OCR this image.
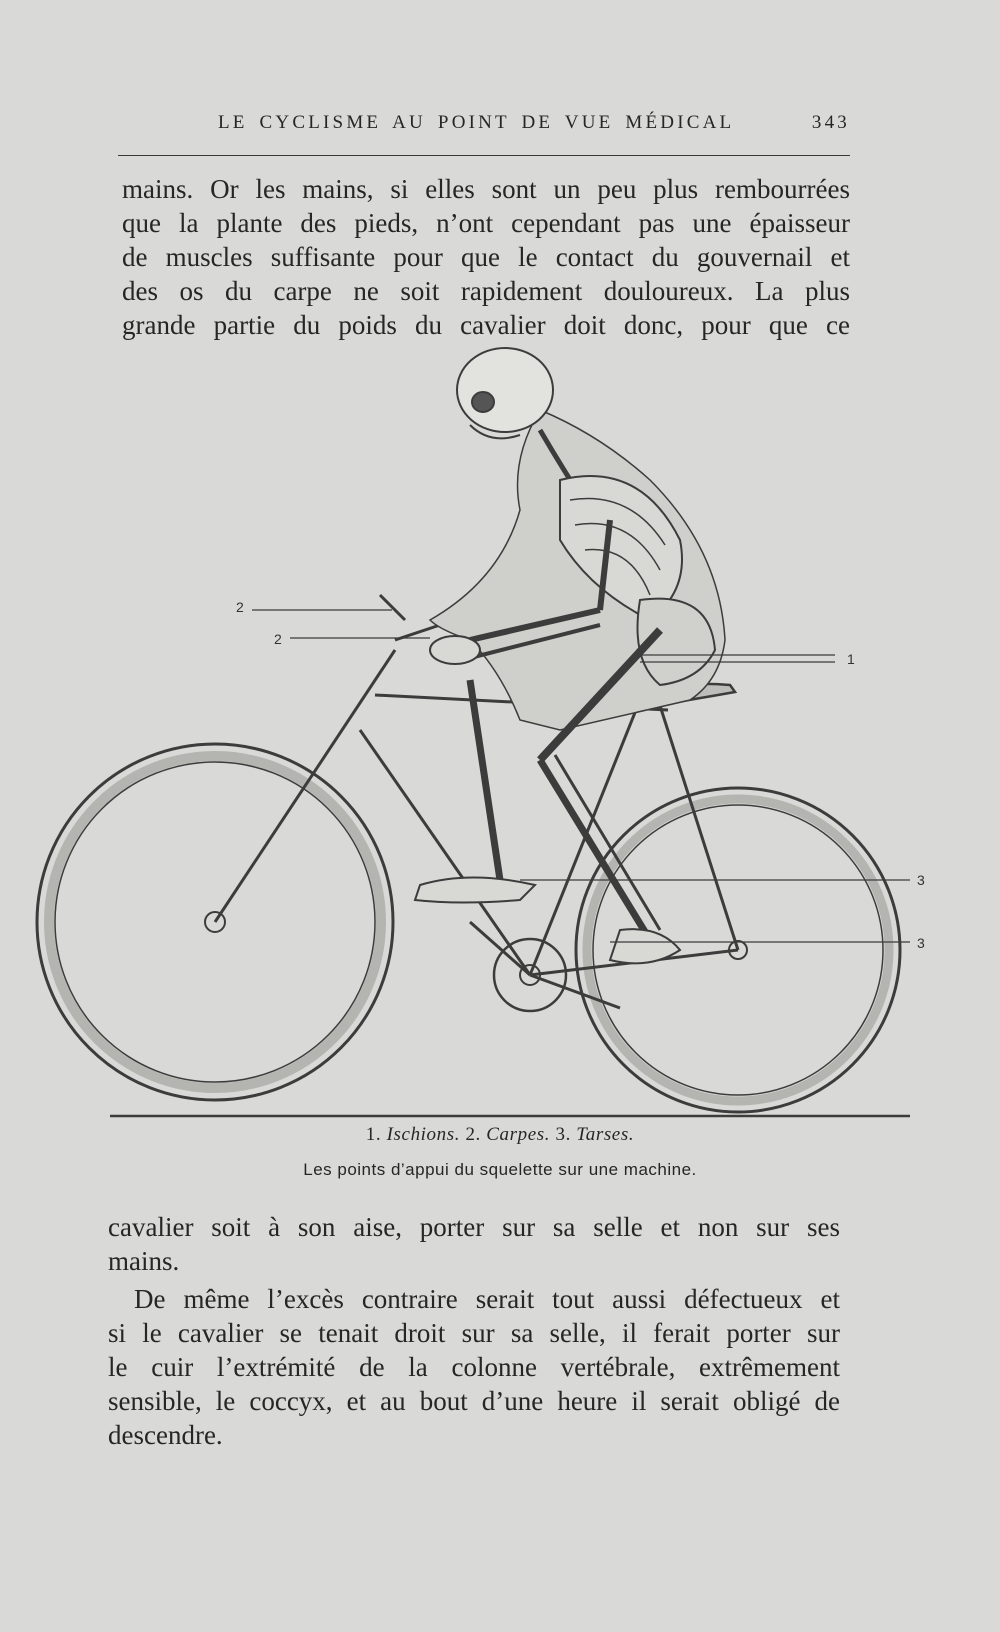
LE CYCLISME AU POINT DE VUE MÉDICAL	343

mains. Or les mains, si elles sont un peu plus rembourrées
que la plante des pieds, n’ont cependant pas une épaisseur
de muscles suffisante pour que le contact du gouvernail et
des os du carpe ne soit rapidement douloureux. La plus
grande partie du poids du cavalier doit donc, pour que ce

2
2
1
3
3
1. Ischions. 2. Carpes. 3. Tarses.
Les points d’appui du squelette sur une machine.

cavalier soit à son aise, porter sur sa selle et non sur ses
mains.

De même l’excès contraire serait tout aussi défectueux et
si le cavalier se tenait droit sur sa selle, il ferait porter sur
le cuir l’extrémité de la colonne vertébrale, extrêmement
sensible, le coccyx, et au bout d’une heure il serait obligé de
descendre.
